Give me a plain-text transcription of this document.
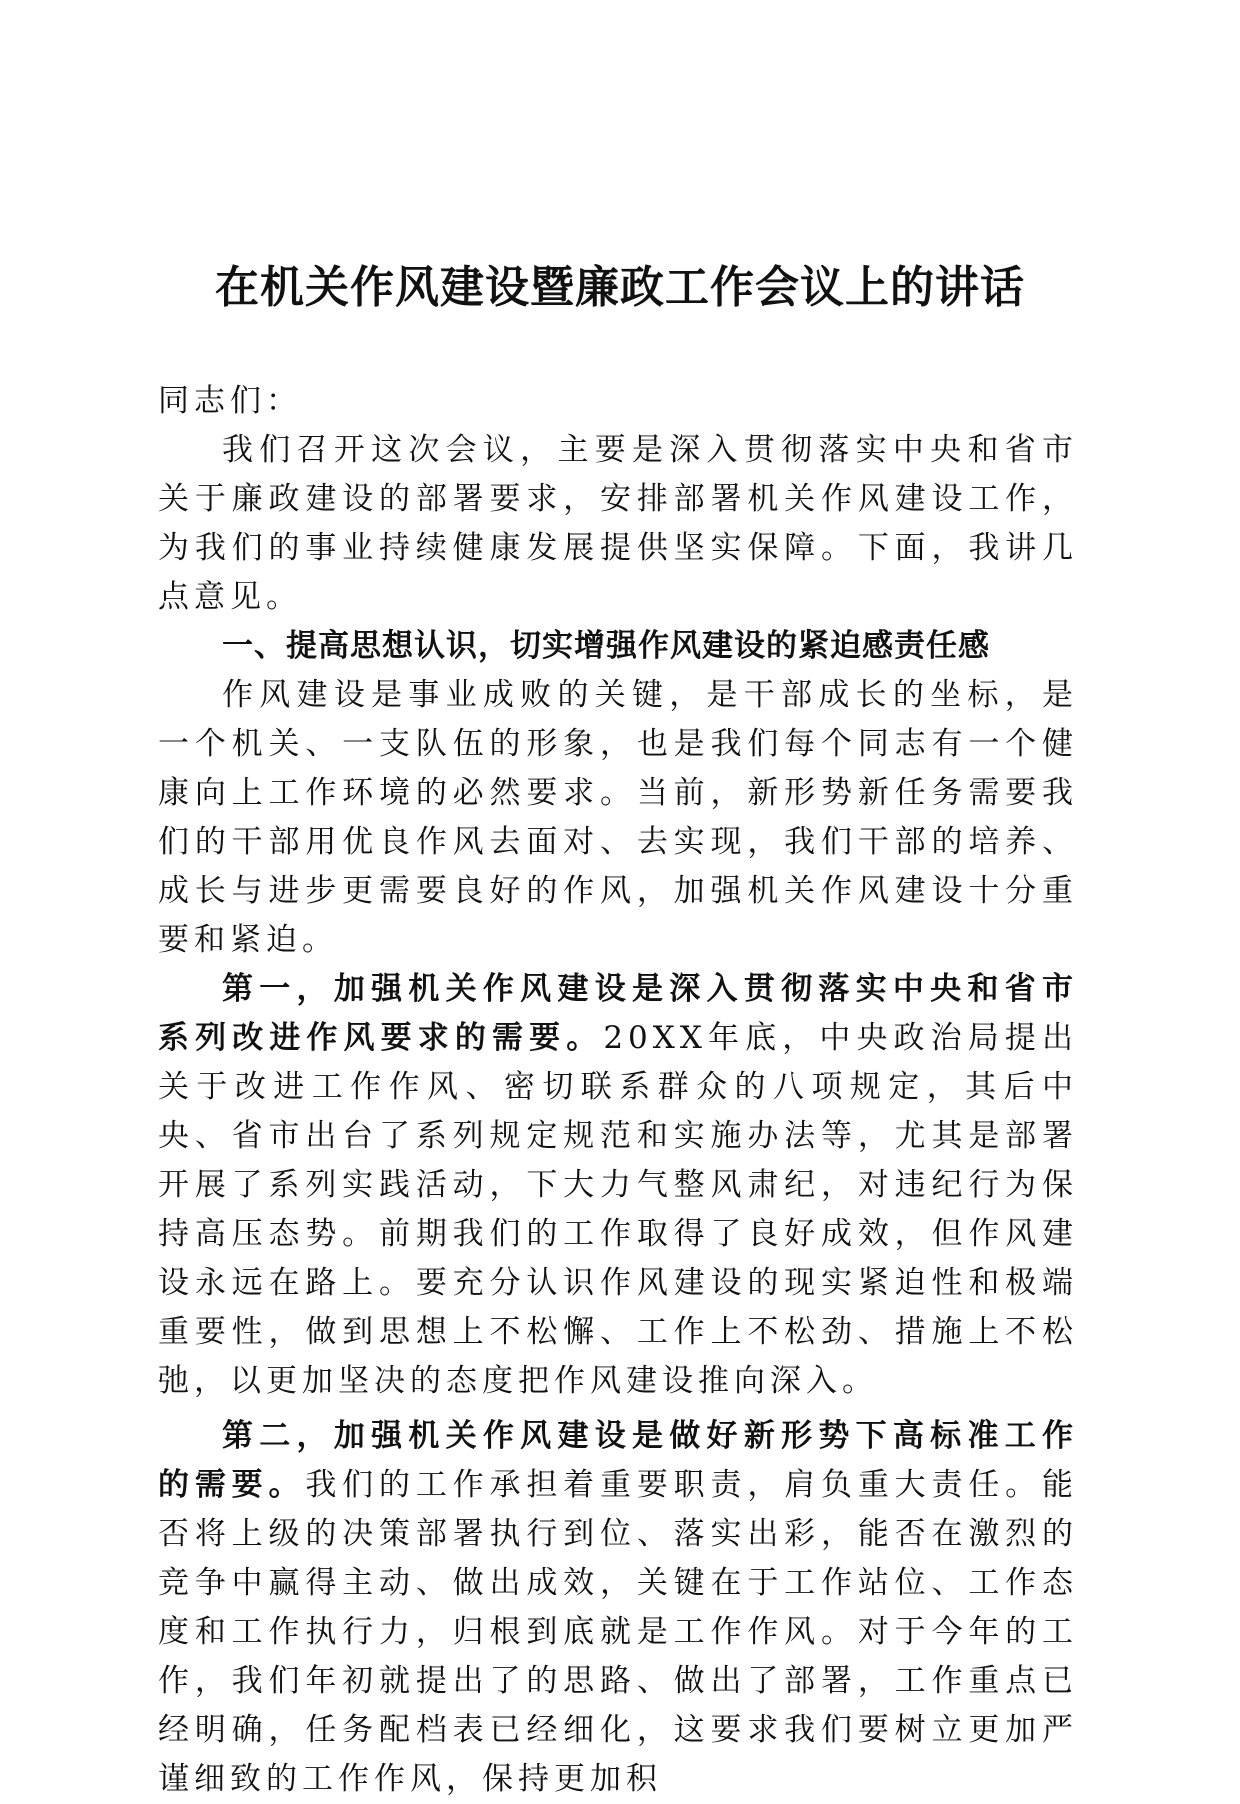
在机关作风建设暨廉政工作会议上的讲话

同志们：

我们召开这次会议，主要是深入贯彻落实中央和省市关于廉政建设的部署要求，安排部署机关作风建设工作，为我们的事业持续健康发展提供坚实保障。下面，我讲几点意见。

一、提高思想认识，切实增强作风建设的紧迫感责任感

作风建设是事业成败的关键，是干部成长的坐标，是一个机关、一支队伍的形象，也是我们每个同志有一个健康向上工作环境的必然要求。当前，新形势新任务需要我们的干部用优良作风去面对、去实现，我们干部的培养、成长与进步更需要良好的作风，加强机关作风建设十分重要和紧迫。

第一，加强机关作风建设是深入贯彻落实中央和省市系列改进作风要求的需要。20XX年底，中央政治局提出关于改进工作作风、密切联系群众的八项规定，其后中央、省市出台了系列规定规范和实施办法等，尤其是部署开展了系列实践活动，下大力气整风肃纪，对违纪行为保持高压态势。前期我们的工作取得了良好成效，但作风建设永远在路上。要充分认识作风建设的现实紧迫性和极端重要性，做到思想上不松懈、工作上不松劲、措施上不松弛，以更加坚决的态度把作风建设推向深入。

第二，加强机关作风建设是做好新形势下高标准工作的需要。我们的工作承担着重要职责，肩负重大责任。能否将上级的决策部署执行到位、落实出彩，能否在激烈的竞争中赢得主动、做出成效，关键在于工作站位、工作态度和工作执行力，归根到底就是工作作风。对于今年的工作，我们年初就提出了的思路、做出了部署，工作重点已经明确，任务配档表已经细化，这要求我们要树立更加严谨细致的工作作风，保持更加积
